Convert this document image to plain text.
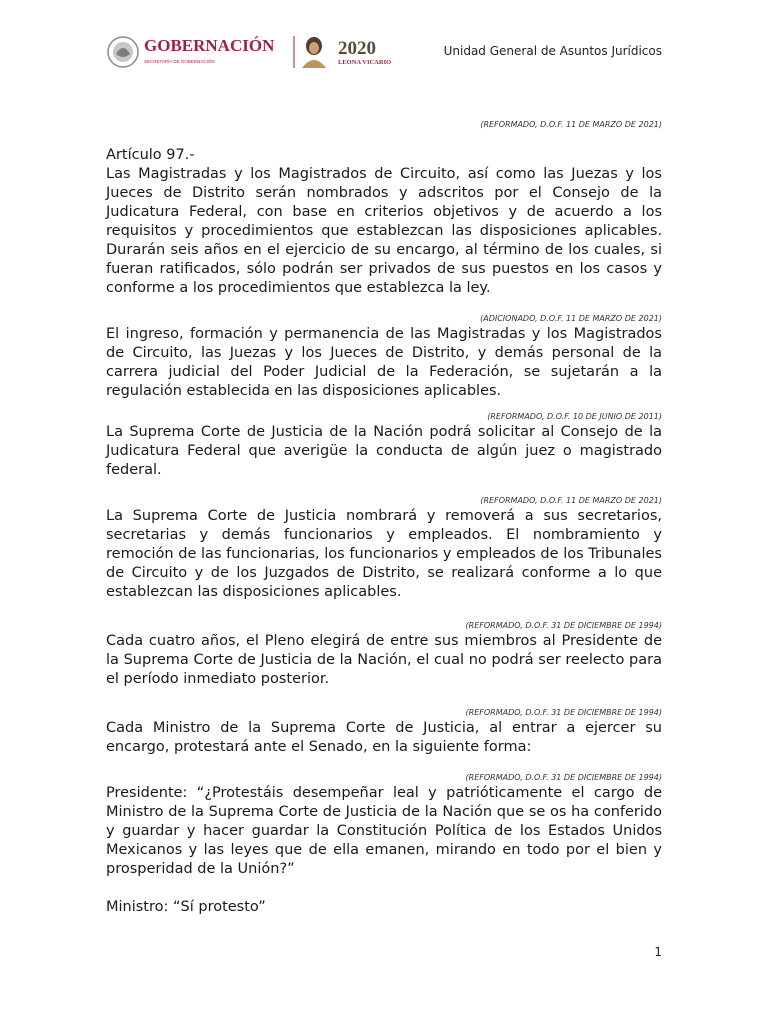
GOBERNACIÓN
SECRETARÍA DE GOBERNACIÓN
2020
LEONA VICARIO
Unidad General de Asuntos Jurídicos
(REFORMADO, D.O.F. 11 DE MARZO DE 2021)
Artículo 97.-

Las Magistradas y los Magistrados de Circuito, así como las Juezas y los Jueces de Distrito serán nombrados y adscritos por el Consejo de la Judicatura Federal, con base en criterios objetivos y de acuerdo a los requisitos y procedimientos que establezcan las disposiciones aplicables. Durarán seis años en el ejercicio de su encargo, al término de los cuales, si fueran ratificados, sólo podrán ser privados de sus puestos en los casos y conforme a los procedimientos que establezca la ley.

(ADICIONADO, D.O.F. 11 DE MARZO DE 2021)

El ingreso, formación y permanencia de las Magistradas y los Magistrados de Circuito, las Juezas y los Jueces de Distrito, y demás personal de la carrera judicial del Poder Judicial de la Federación, se sujetarán a la regulación establecida en las disposiciones aplicables.

(REFORMADO, D.O.F. 10 DE JUNIO DE 2011)

La Suprema Corte de Justicia de la Nación podrá solicitar al Consejo de la Judicatura Federal que averigüe la conducta de algún juez o magistrado federal.

(REFORMADO, D.O.F. 11 DE MARZO DE 2021)

La Suprema Corte de Justicia nombrará y removerá a sus secretarios, secretarias y demás funcionarios y empleados. El nombramiento y remoción de las funcionarias, los funcionarios y empleados de los Tribunales de Circuito y de los Juzgados de Distrito, se realizará conforme a lo que establezcan las disposiciones aplicables.

(REFORMADO, D.O.F. 31 DE DICIEMBRE DE 1994)

Cada cuatro años, el Pleno elegirá de entre sus miembros al Presidente de la Suprema Corte de Justicia de la Nación, el cual no podrá ser reelecto para el período inmediato posterior.

(REFORMADO, D.O.F. 31 DE DICIEMBRE DE 1994)

Cada Ministro de la Suprema Corte de Justicia, al entrar a ejercer su encargo, protestará ante el Senado, en la siguiente forma:

(REFORMADO, D.O.F. 31 DE DICIEMBRE DE 1994)

Presidente: “¿Protestáis desempeñar leal y patrióticamente el cargo de Ministro de la Suprema Corte de Justicia de la Nación que se os ha conferido y guardar y hacer guardar la Constitución Política de los Estados Unidos Mexicanos y las leyes que de ella emanen, mirando en todo por el bien y prosperidad de la Unión?”

Ministro: “Sí protesto”

1
